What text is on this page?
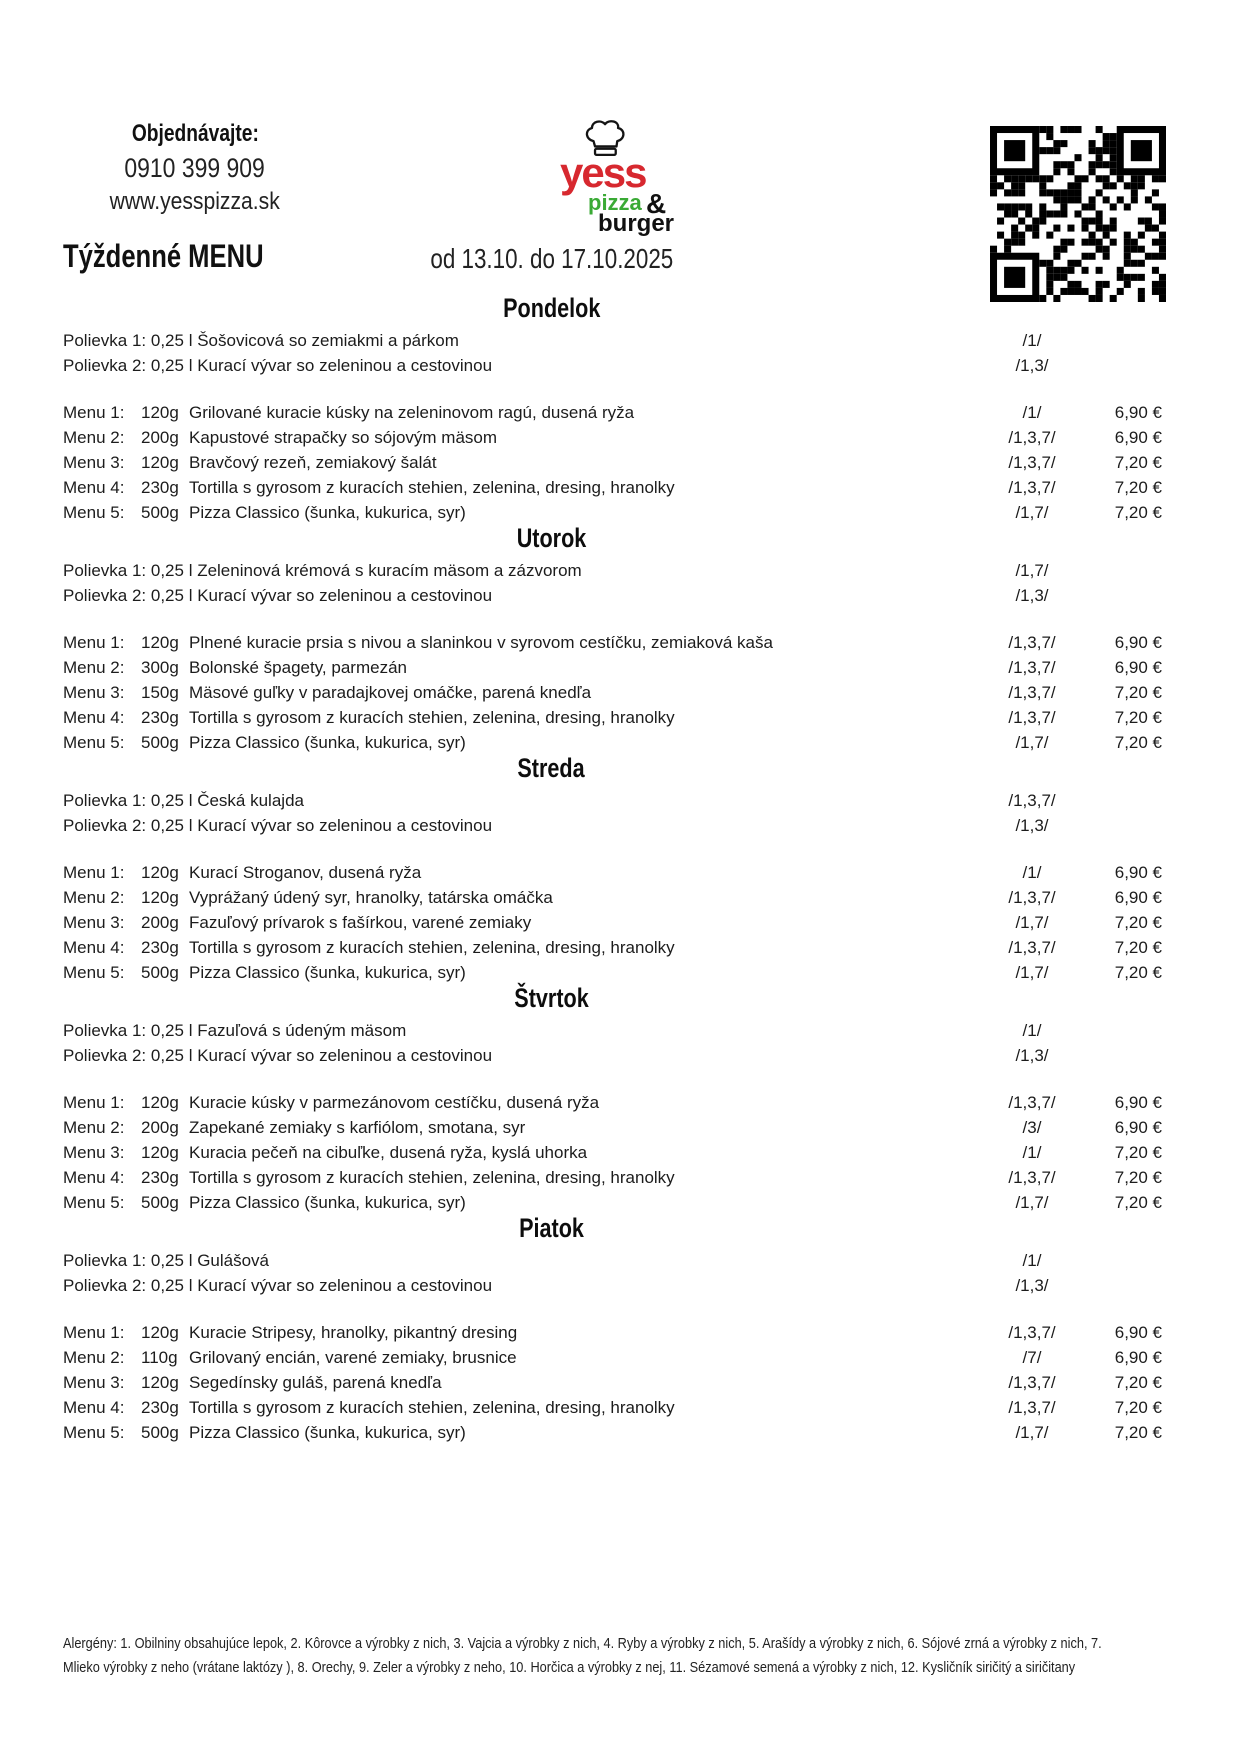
Objednávajte:
0910 399 909
www.yesspizza.sk
yess
pizza &
burger
Týždenné MENU	od 13.10. do 17.10.2025
Pondelok
Polievka 1: 0,25 l Šošovicová so zemiakmi a párkom	/1/
Polievka 2: 0,25 l Kurací vývar so zeleninou a cestovinou	/1,3/
Menu 1: 120g Grilované kuracie kúsky na zeleninovom ragú, dusená ryža	/1/	6,90 €
Menu 2: 200g Kapustové strapačky so sójovým mäsom	/1,3,7/	6,90 €
Menu 3: 120g Bravčový rezeň, zemiakový šalát	/1,3,7/	7,20 €
Menu 4: 230g Tortilla s gyrosom z kuracích stehien, zelenina, dresing, hranolky	/1,3,7/	7,20 €
Menu 5: 500g Pizza Classico (šunka, kukurica, syr)	/1,7/	7,20 €
Utorok
Polievka 1: 0,25 l Zeleninová krémová s kuracím mäsom a zázvorom	/1,7/
Polievka 2: 0,25 l Kurací vývar so zeleninou a cestovinou	/1,3/
Menu 1: 120g Plnené kuracie prsia s nivou a slaninkou v syrovom cestíčku, zemiaková kaša	/1,3,7/	6,90 €
Menu 2: 300g Bolonské špagety, parmezán	/1,3,7/	6,90 €
Menu 3: 150g Mäsové guľky v paradajkovej omáčke, parená knedľa	/1,3,7/	7,20 €
Menu 4: 230g Tortilla s gyrosom z kuracích stehien, zelenina, dresing, hranolky	/1,3,7/	7,20 €
Menu 5: 500g Pizza Classico (šunka, kukurica, syr)	/1,7/	7,20 €
Streda
Polievka 1: 0,25 l Česká kulajda	/1,3,7/
Polievka 2: 0,25 l Kurací vývar so zeleninou a cestovinou	/1,3/
Menu 1: 120g Kurací Stroganov, dusená ryža	/1/	6,90 €
Menu 2: 120g Vyprážaný údený syr, hranolky, tatárska omáčka	/1,3,7/	6,90 €
Menu 3: 200g Fazuľový prívarok s fašírkou, varené zemiaky	/1,7/	7,20 €
Menu 4: 230g Tortilla s gyrosom z kuracích stehien, zelenina, dresing, hranolky	/1,3,7/	7,20 €
Menu 5: 500g Pizza Classico (šunka, kukurica, syr)	/1,7/	7,20 €
Štvrtok
Polievka 1: 0,25 l Fazuľová s údeným mäsom	/1/
Polievka 2: 0,25 l Kurací vývar so zeleninou a cestovinou	/1,3/
Menu 1: 120g Kuracie kúsky v parmezánovom cestíčku, dusená ryža	/1,3,7/	6,90 €
Menu 2: 200g Zapekané zemiaky s karfiólom, smotana, syr	/3/	6,90 €
Menu 3: 120g Kuracia pečeň na cibuľke, dusená ryža, kyslá uhorka	/1/	7,20 €
Menu 4: 230g Tortilla s gyrosom z kuracích stehien, zelenina, dresing, hranolky	/1,3,7/	7,20 €
Menu 5: 500g Pizza Classico (šunka, kukurica, syr)	/1,7/	7,20 €
Piatok
Polievka 1: 0,25 l Gulášová	/1/
Polievka 2: 0,25 l Kurací vývar so zeleninou a cestovinou	/1,3/
Menu 1: 120g Kuracie Stripesy, hranolky, pikantný dresing	/1,3,7/	6,90 €
Menu 2: 110g Grilovaný encián, varené zemiaky, brusnice	/7/	6,90 €
Menu 3: 120g Segedínsky guláš, parená knedľa	/1,3,7/	7,20 €
Menu 4: 230g Tortilla s gyrosom z kuracích stehien, zelenina, dresing, hranolky	/1,3,7/	7,20 €
Menu 5: 500g Pizza Classico (šunka, kukurica, syr)	/1,7/	7,20 €
Alergény: 1. Obilniny obsahujúce lepok, 2. Kôrovce a výrobky z nich, 3. Vajcia a výrobky z nich, 4. Ryby a výrobky z nich, 5. Arašídy a výrobky z nich, 6. Sójové zrná a výrobky z nich, 7.
Mlieko výrobky z neho (vrátane laktózy ), 8. Orechy, 9. Zeler a výrobky z neho, 10. Horčica a výrobky z nej, 11. Sézamové semená a výrobky z nich, 12. Kysličník siričitý a siričitany
